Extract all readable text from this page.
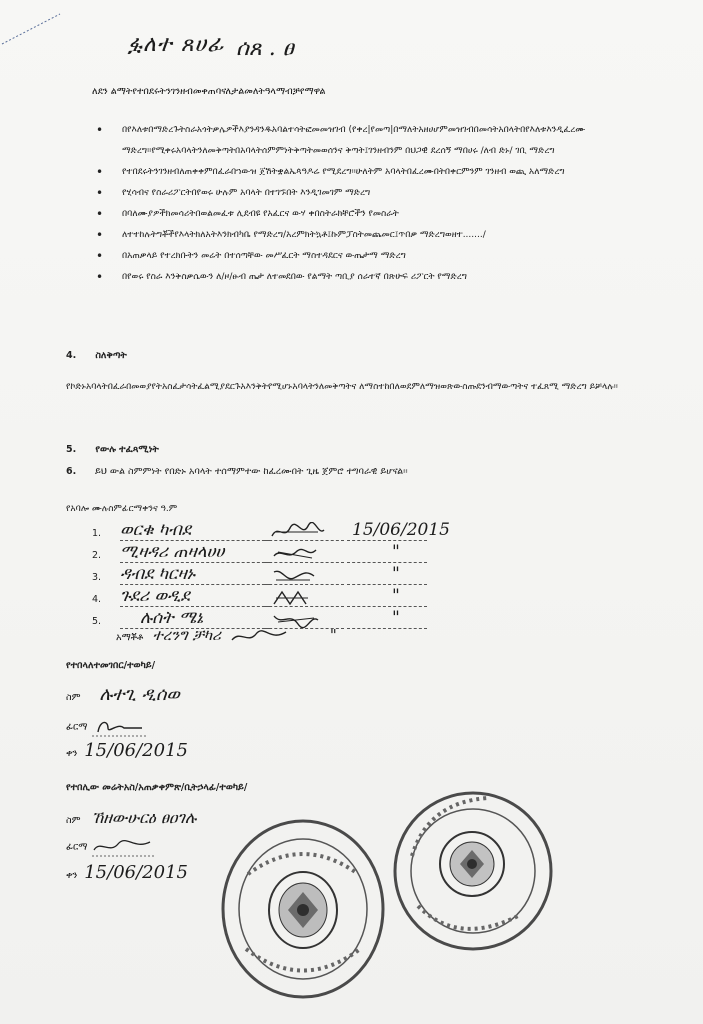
ፏለተ ጸሀፊ ሰጸ . ፀ
ለደን ልማትየተበደሩትንገንዘብመቀጠባናለታልመለትዓላማብቻየማዋል

• በየእለቱበማድረጉትስራአጎትቃሌዎችእያንዳንዱአባልተሳትፎመመዝገብ (የቀረ|የመጣ|በማለትአዘሀሆምመዝገብበመሳትአበላትበየእለቱእንዲፈረሙ ማድረግ።የሚቀሩአባላትንለመቅጣትበአባላትሰምምነትቅጣትመወሰንና ቅጣት፤ገንዘብንም በህጋዊ ደረሰኝ ማበሀሩ /ለብ ድኑ/ ገቢ ማድረግ

• የተበደሩትንገንዘብለጠቀቀምበፈራበኀውዝ ጀሽትቋልኤጳዓዶሬ የሚደረግ፡፡ሁለትም አባላትበፈረሙበትበቀርምንም ገንዘብ ወጪ አለማድረግ

• የሂሳብና የስራሪፖርትበየወሩ ሁሉም አባላት በተገኙበት እንዲገመገም ማድረግ

• በባለሙያዎችክመሳሪትበወልመፈቱ ሊደብዩ የአፈርና ውሃ ቀበስትራክቸሮችን የመስራት

• ለተተከሉትግቾችየእላትክለአትእንክብካቤ የማድረግ/አረምክትኳቶ፤ኩምፓስትመጨመር፤ጥበቃ ማድረግወዘተ......./

• በአጠቃላይ የተረክቡትን መሬት በተሰጣቸው መሥፈርት ማስተዳደርና ውጤታማ ማድረግ

• በየወሩ የስራ እንቅስቃሴውን ለ/ዞ/ፁብ ጤታ ለተመደበው የልማት ጣቢያ ሰራተኛ በጽሁፍ ሪፖርት የማድረግ

4. ስለቅጣት
የኮድኑአባላትበፈራበመወያየትአስፈታሳትፈልሚያደርጉአእንቅትየሚሆኑአባላትንለመቅጣትና ለማስተከበለወደምለማዝወጽውስጡደንብማውጣትና ተፈጸሚ ማድረግ ይቻላሉ፡፡
5. የውሉ ተፈጻሚነት
6. ይህ ውል ስምምነት የበድኑ አባላት ተሰማምተው ከፈረሙበት ጊዜ ጀምሮ ተግባራዊ ይሆናል፡፡
የአባሎ ሙሉስምፊርማቀንና ዓ.ም
1. ወርቁ ካብደ	15/06/2015
2. ሚዛዳሪ ጠዛላሀሀ	"
3. ዳብደ ካርዛኑ	"
4. ጉደሪ ወዲደ	"
5. ሉሰት ሜኔ	"
አማቾቶ ተረንግ ቻካሪ	"
የተበላለተመገበር/ተወካይ/
ስም ሉተጊ ዲሰወ
ፊርማ
ቀን 15/06/2015
የተበሊው መሬትአስ/አጠቃቀምጽ/ቢትኃላፊ/ተወካይ/
ስም ኸዘውሁርዕ ፀዐገሉ
ፊርማ
ቀን 15/06/2015
